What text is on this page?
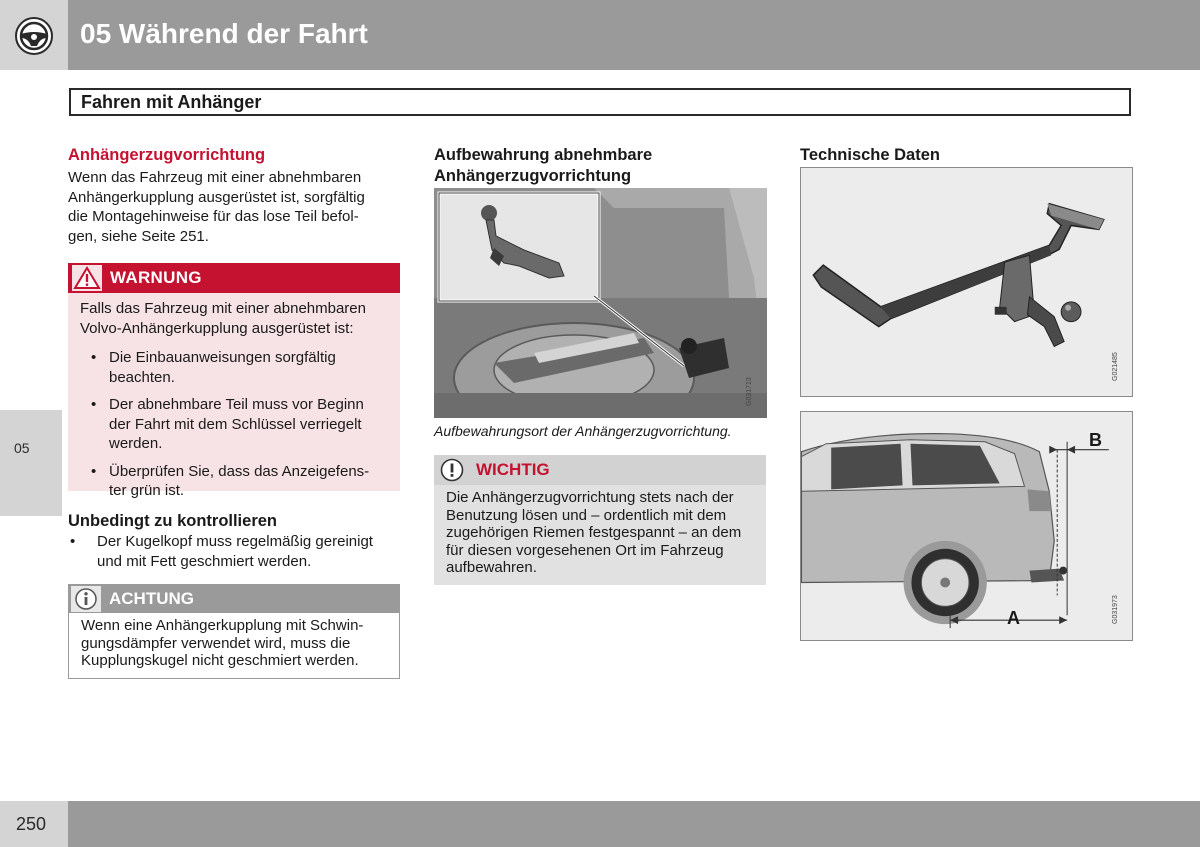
05 Während der Fahrt
Fahren mit Anhänger
05
Anhängerzugvorrichtung
Wenn das Fahrzeug mit einer abnehmbaren
Anhängerkupplung ausgerüstet ist, sorgfältig
die Montagehinweise für das lose Teil befol-
gen, siehe Seite 251.
WARNUNG
Falls das Fahrzeug mit einer abnehmbaren
Volvo-Anhängerkupplung ausgerüstet ist:
• Die Einbauanweisungen sorgfältig
beachten.
• Der abnehmbare Teil muss vor Beginn
der Fahrt mit dem Schlüssel verriegelt
werden.
• Überprüfen Sie, dass das Anzeigefens-
ter grün ist.
Unbedingt zu kontrollieren
• Der Kugelkopf muss regelmäßig gereinigt
und mit Fett geschmiert werden.
ACHTUNG
Wenn eine Anhängerkupplung mit Schwin-
gungsdämpfer verwendet wird, muss die
Kupplungskugel nicht geschmiert werden.
Aufbewahrung abnehmbare
Anhängerzugvorrichtung
G031713
Aufbewahrungsort der Anhängerzugvorrichtung.
WICHTIG
Die Anhängerzugvorrichtung stets nach der
Benutzung lösen und – ordentlich mit dem
zugehörigen Riemen festgespannt – an dem
für diesen vorgesehenen Ort im Fahrzeug
aufbewahren.
Technische Daten
G021485
A
B
G031973
250
